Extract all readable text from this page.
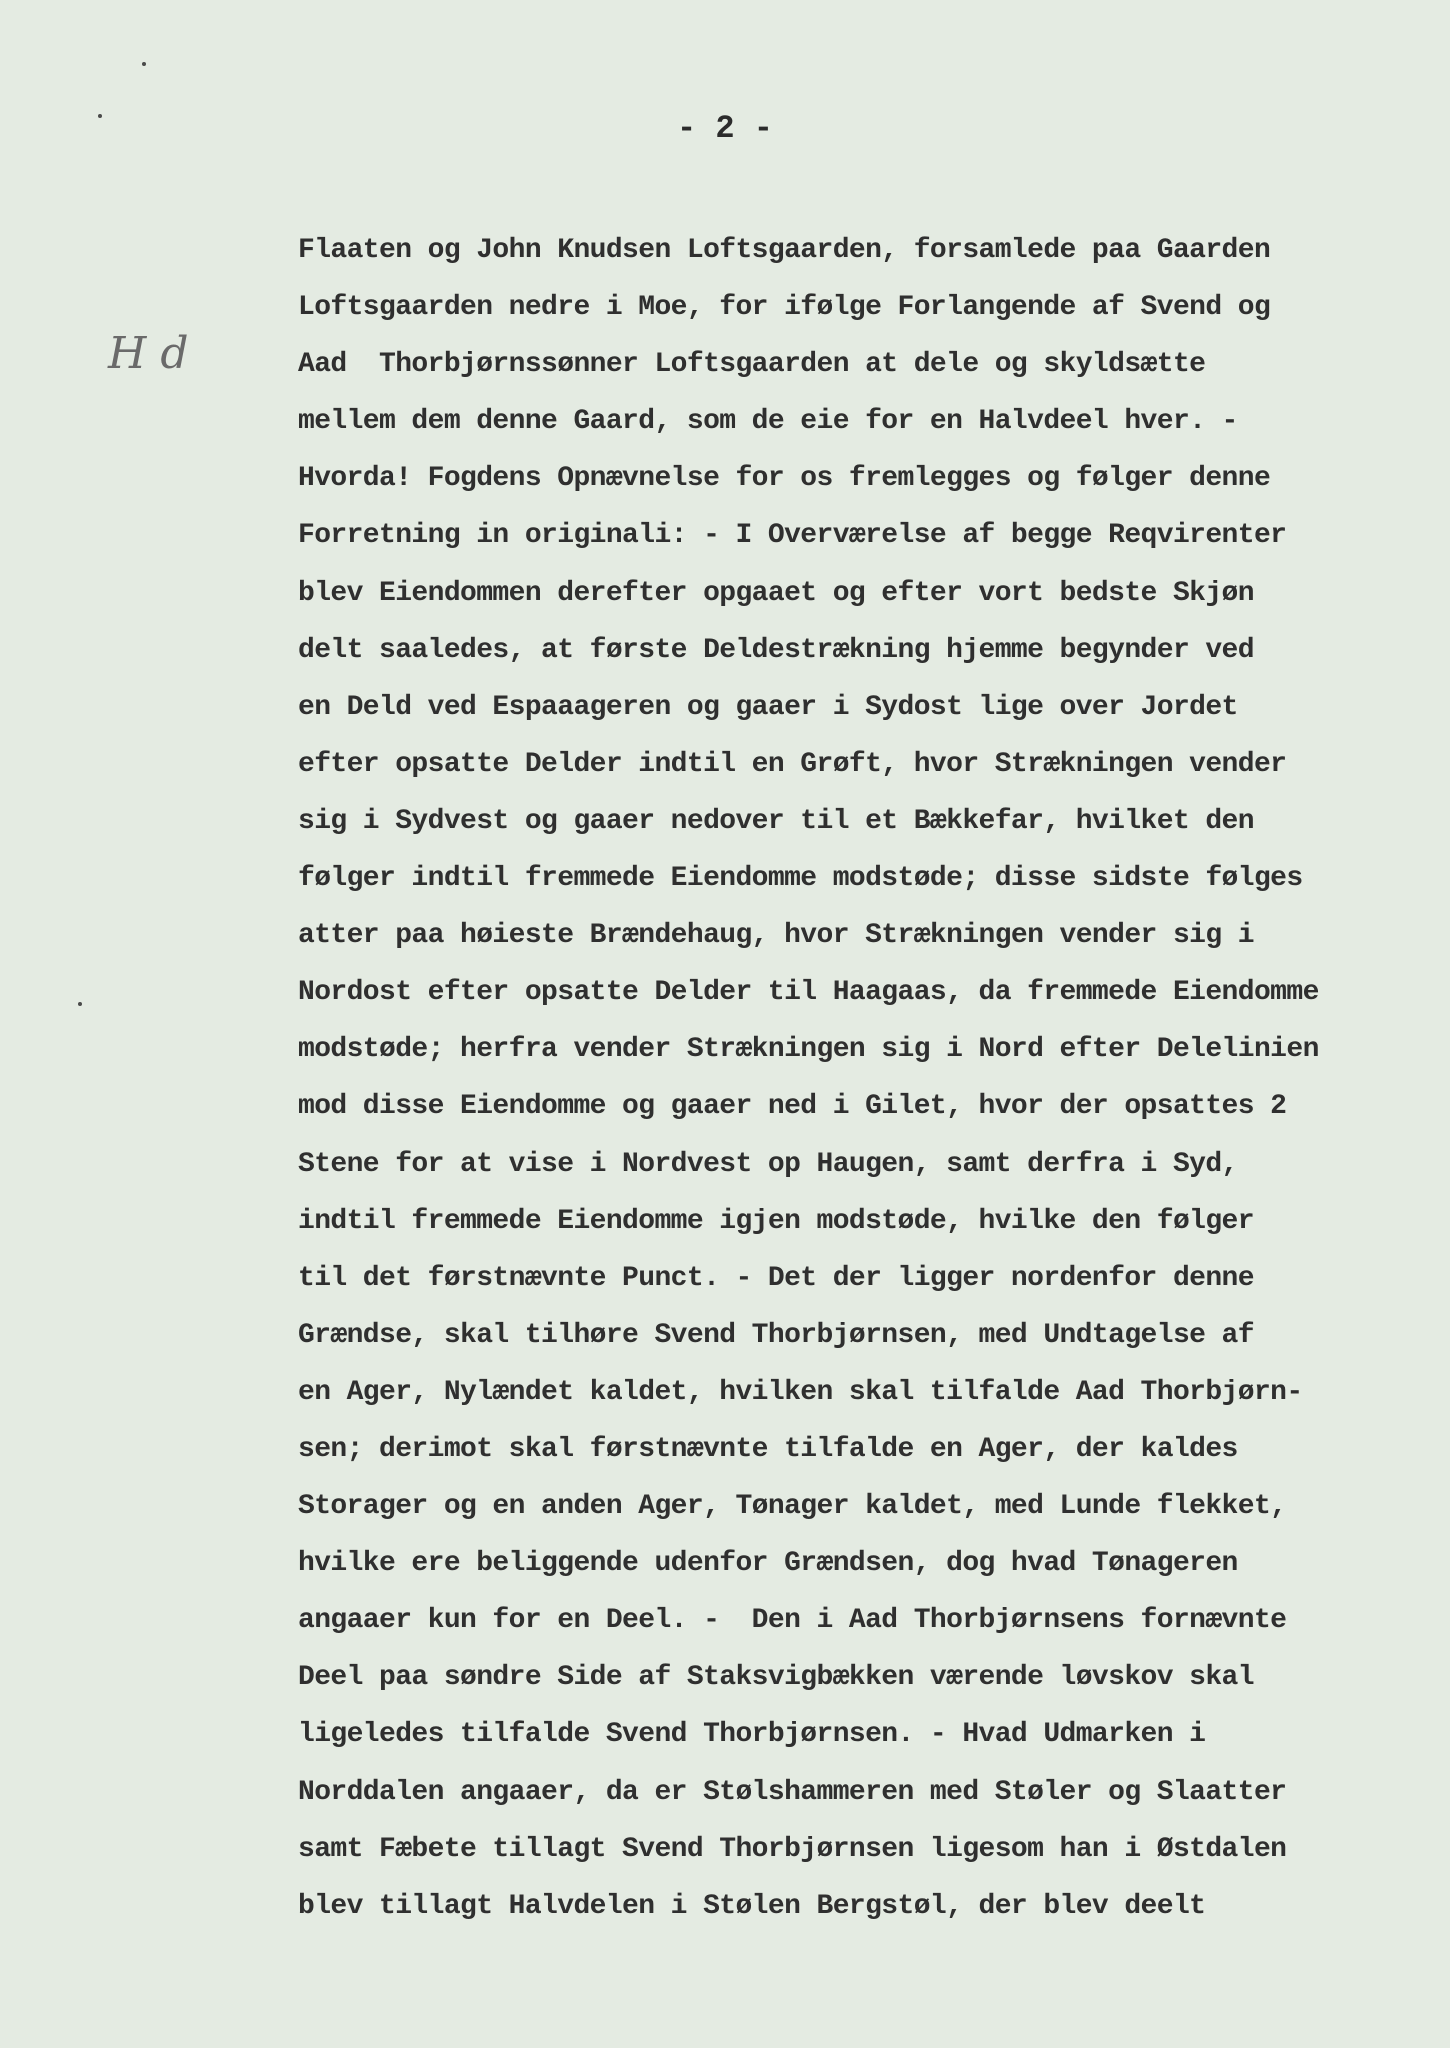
- 2 -
H d
Flaaten og John Knudsen Loftsgaarden, forsamlede paa Gaarden
Loftsgaarden nedre i Moe, for ifølge Forlangende af Svend og
Aad  Thorbjørnssønner Loftsgaarden at dele og skyldsætte
mellem dem denne Gaard, som de eie for en Halvdeel hver. -
Hvorda! Fogdens Opnævnelse for os fremlegges og følger denne
Forretning in originali: - I Overværelse af begge Reqvirenter
blev Eiendommen derefter opgaaet og efter vort bedste Skjøn
delt saaledes, at første Deldestrækning hjemme begynder ved
en Deld ved Espaaageren og gaaer i Sydost lige over Jordet
efter opsatte Delder indtil en Grøft, hvor Strækningen vender
sig i Sydvest og gaaer nedover til et Bækkefar, hvilket den
følger indtil fremmede Eiendomme modstøde; disse sidste følges
atter paa høieste Brændehaug, hvor Strækningen vender sig i
Nordost efter opsatte Delder til Haagaas, da fremmede Eiendomme
modstøde; herfra vender Strækningen sig i Nord efter Delelinien
mod disse Eiendomme og gaaer ned i Gilet, hvor der opsattes 2
Stene for at vise i Nordvest op Haugen, samt derfra i Syd,
indtil fremmede Eiendomme igjen modstøde, hvilke den følger
til det førstnævnte Punct. - Det der ligger nordenfor denne
Grændse, skal tilhøre Svend Thorbjørnsen, med Undtagelse af
en Ager, Nylændet kaldet, hvilken skal tilfalde Aad Thorbjørn-
sen; derimot skal førstnævnte tilfalde en Ager, der kaldes
Storager og en anden Ager, Tønager kaldet, med Lunde flekket,
hvilke ere beliggende udenfor Grændsen, dog hvad Tønageren
angaaer kun for en Deel. -  Den i Aad Thorbjørnsens fornævnte
Deel paa søndre Side af Staksvigbækken værende løvskov skal
ligeledes tilfalde Svend Thorbjørnsen. - Hvad Udmarken i
Norddalen angaaer, da er Stølshammeren med Støler og Slaatter
samt Fæbete tillagt Svend Thorbjørnsen ligesom han i Østdalen
blev tillagt Halvdelen i Stølen Bergstøl, der blev deelt
